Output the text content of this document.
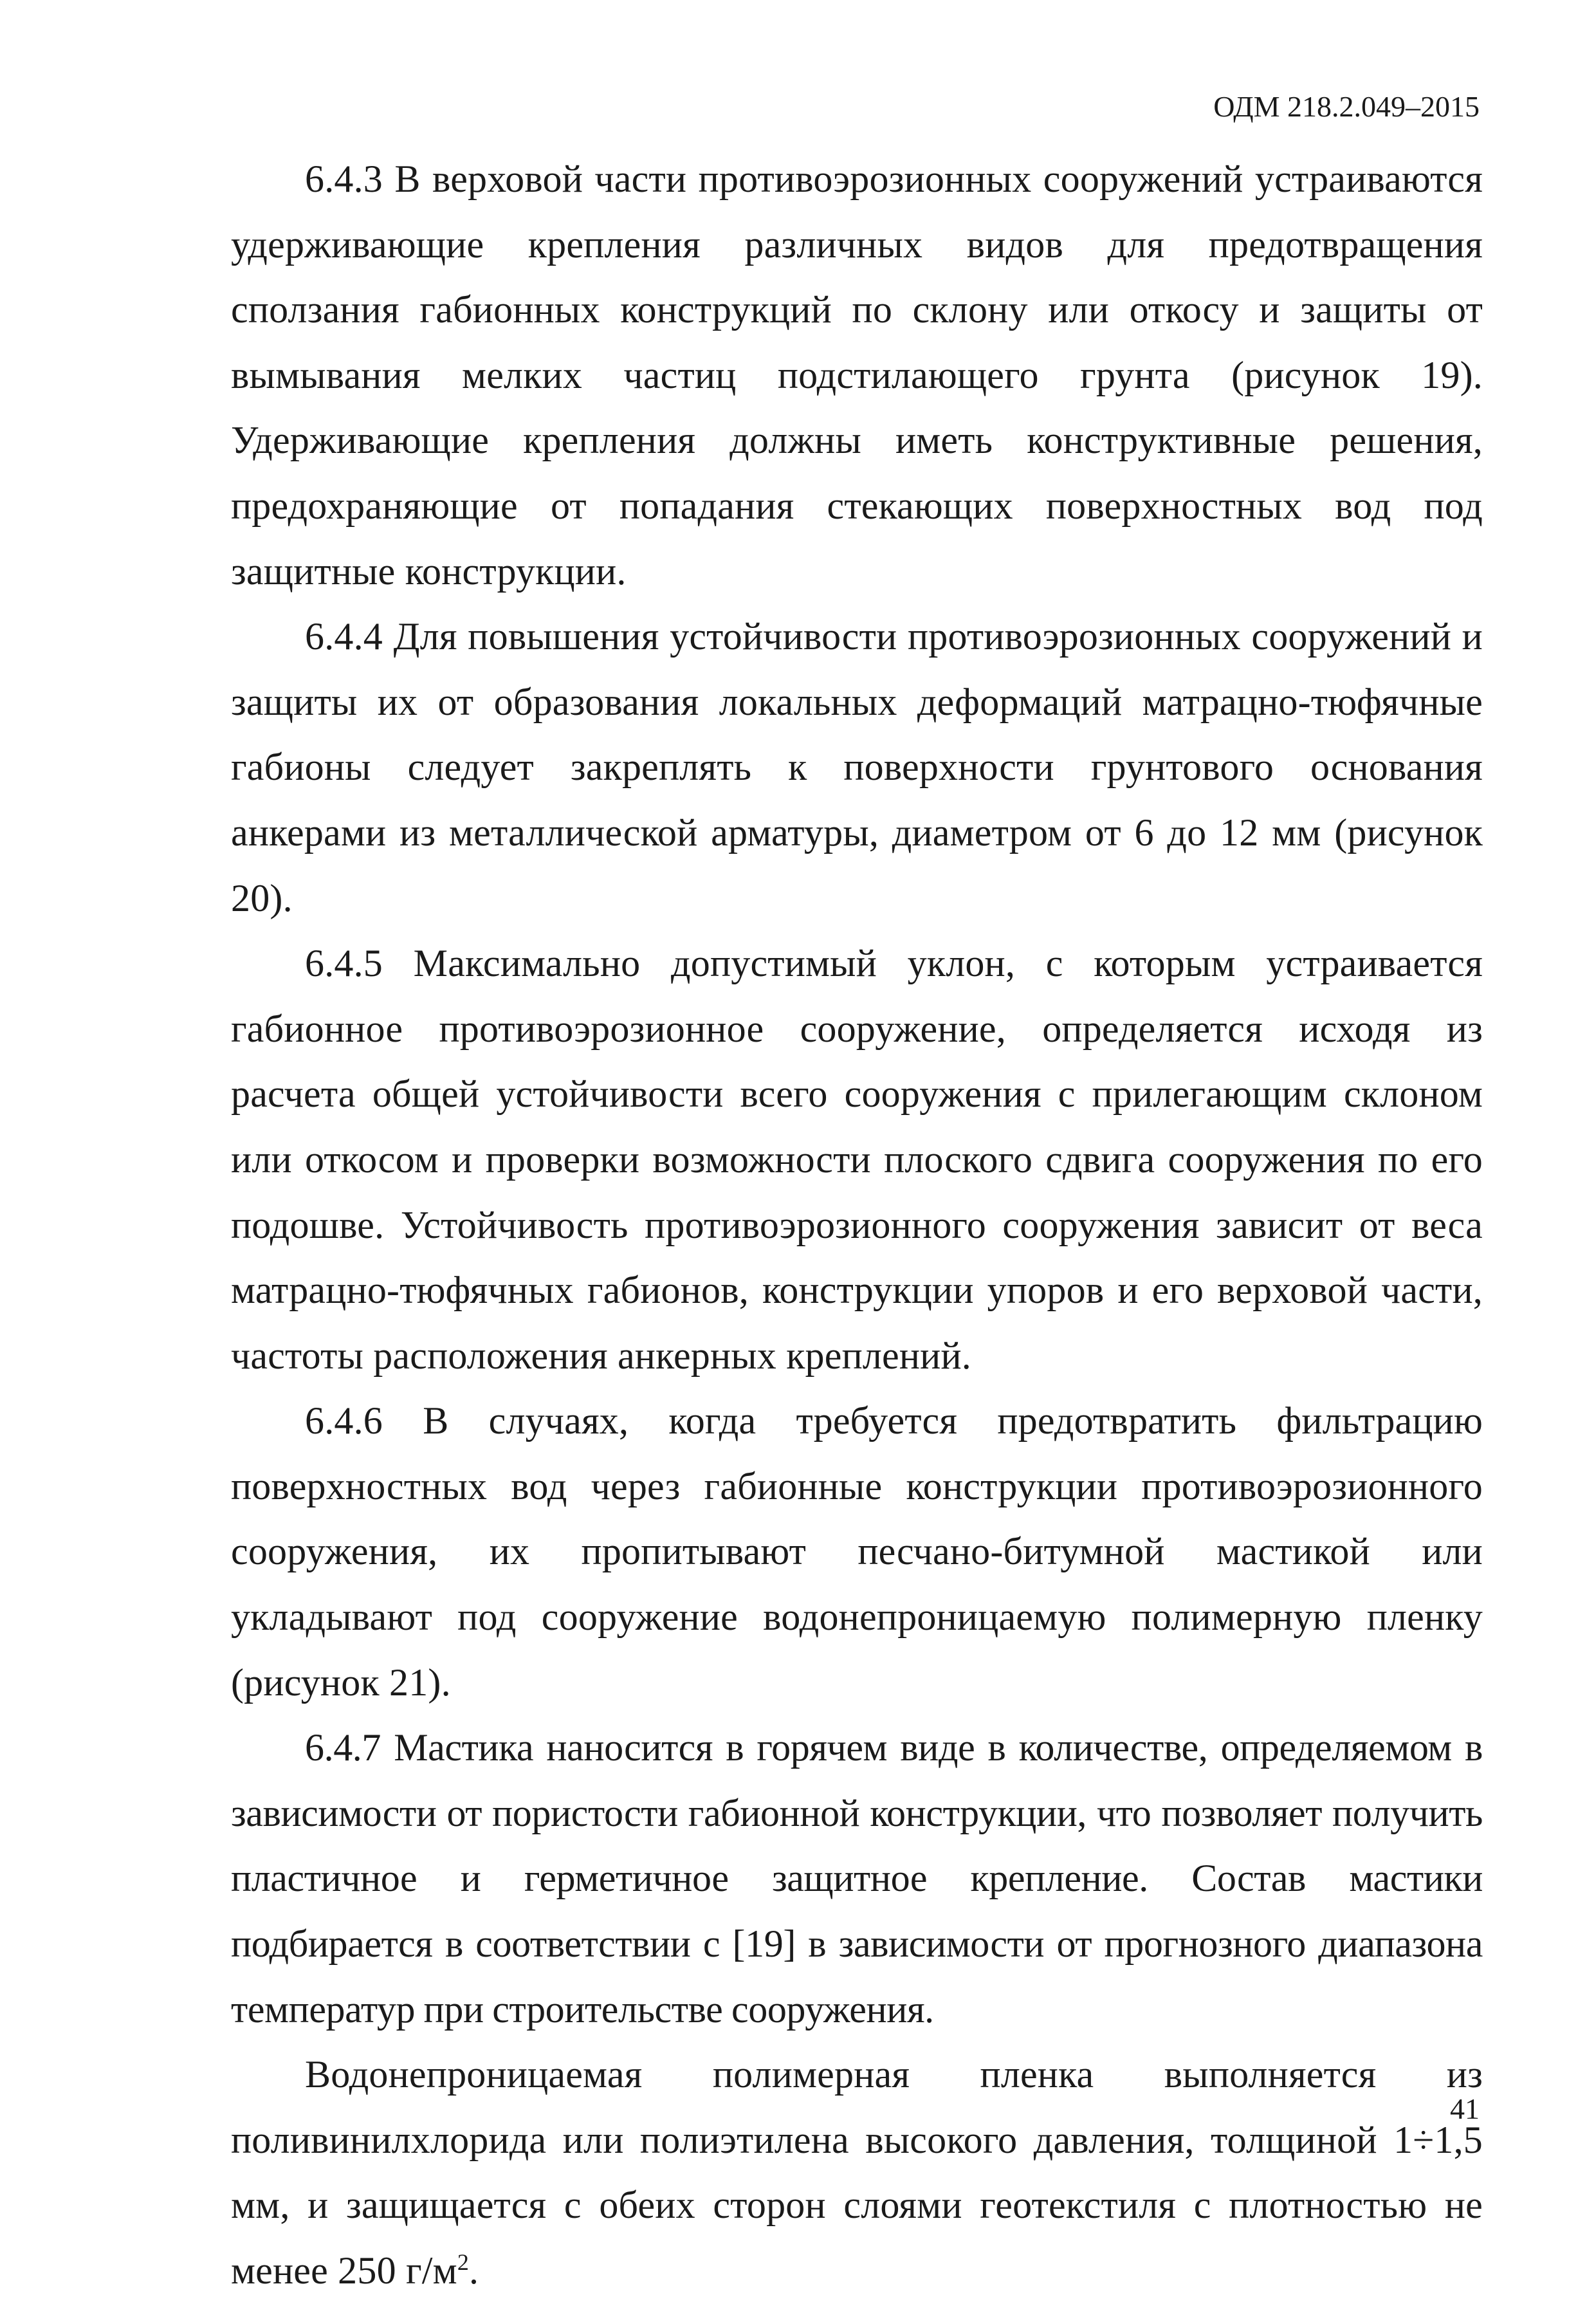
ОДМ 218.2.049–2015

6.4.3 В верховой части противоэрозионных сооружений устраиваются удерживающие крепления различных видов для предотвращения сползания габионных конструкций по склону или откосу и защиты от вымывания мелких частиц подстилающего грунта (рисунок 19). Удерживающие крепления должны иметь конструктивные решения, предохраняющие от попадания стекающих поверхностных вод под защитные конструкции.

6.4.4 Для повышения устойчивости противоэрозионных сооружений и защиты их от образования локальных деформаций матрацно-тюфячные габионы следует закреплять к поверхности грунтового основания анкерами из металлической арматуры, диаметром от 6 до 12 мм (рисунок 20).

6.4.5 Максимально допустимый уклон, с которым устраивается габионное противоэрозионное сооружение, определяется исходя из расчета общей устойчивости всего сооружения с прилегающим склоном или откосом и проверки возможности плоского сдвига сооружения по его подошве. Устойчивость противоэрозионного сооружения зависит от веса матрацно-тюфячных габионов, конструкции упоров и его верховой части, частоты расположения анкерных креплений.

6.4.6 В случаях, когда требуется предотвратить фильтрацию поверхностных вод через габионные конструкции противоэрозионного сооружения, их пропитывают песчано-битумной мастикой или укладывают под сооружение водонепроницаемую полимерную пленку (рисунок 21).

6.4.7 Мастика наносится в горячем виде в количестве, определяемом в зависимости от пористости габионной конструкции, что позволяет получить пластичное и герметичное защитное крепление. Состав мастики подбирается в соответствии с [19] в зависимости от прогнозного диапазона температур при строительстве сооружения.

Водонепроницаемая полимерная пленка выполняется из поливинилхлорида или полиэтилена высокого давления, толщиной 1÷1,5 мм, и защищается с обеих сторон слоями геотекстиля с плотностью не менее 250 $г/м^2$.

41
